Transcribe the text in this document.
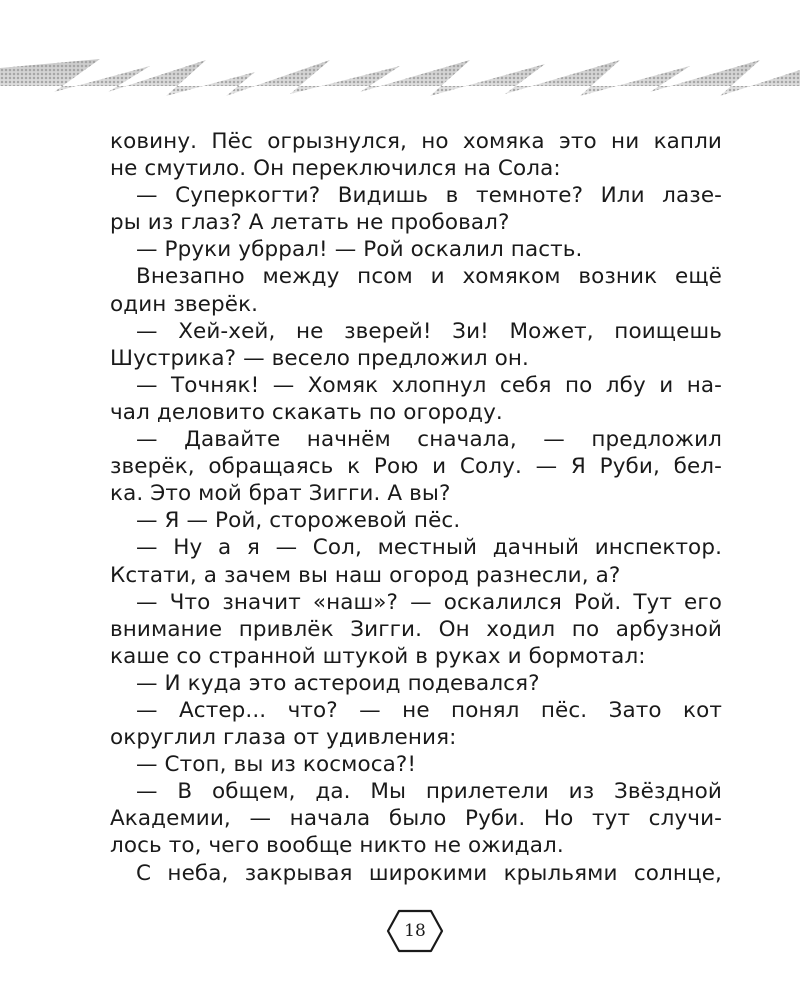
ковину. Пёс огрызнулся, но хомяка это ни капли
не смутило. Он переключился на Сола:
— Суперкогти? Видишь в темноте? Или лазе-
ры из глаз? А летать не пробовал?
— Рруки убррал! — Рой оскалил пасть.
Внезапно между псом и хомяком возник ещё
один зверёк.
— Хей-хей, не зверей! Зи! Может, поищешь
Шустрика? — весело предложил он.
— Точняк! — Хомяк хлопнул себя по лбу и на-
чал деловито скакать по огороду.
— Давайте начнём сначала, — предложил
зверёк, обращаясь к Рою и Солу. — Я Руби, бел-
ка. Это мой брат Зигги. А вы?
— Я — Рой, сторожевой пёс.
— Ну а я — Сол, местный дачный инспектор.
Кстати, а зачем вы наш огород разнесли, а?
— Что значит «наш»? — оскалился Рой. Тут его
внимание привлёк Зигги. Он ходил по арбузной
каше со странной штукой в руках и бормотал:
— И куда это астероид подевался?
— Астер... что? — не понял пёс. Зато кот
округлил глаза от удивления:
— Стоп, вы из космоса?!
— В общем, да. Мы прилетели из Звёздной
Академии, — начала было Руби. Но тут случи-
лось то, чего вообще никто не ожидал.
С неба, закрывая широкими крыльями солнце,
18
